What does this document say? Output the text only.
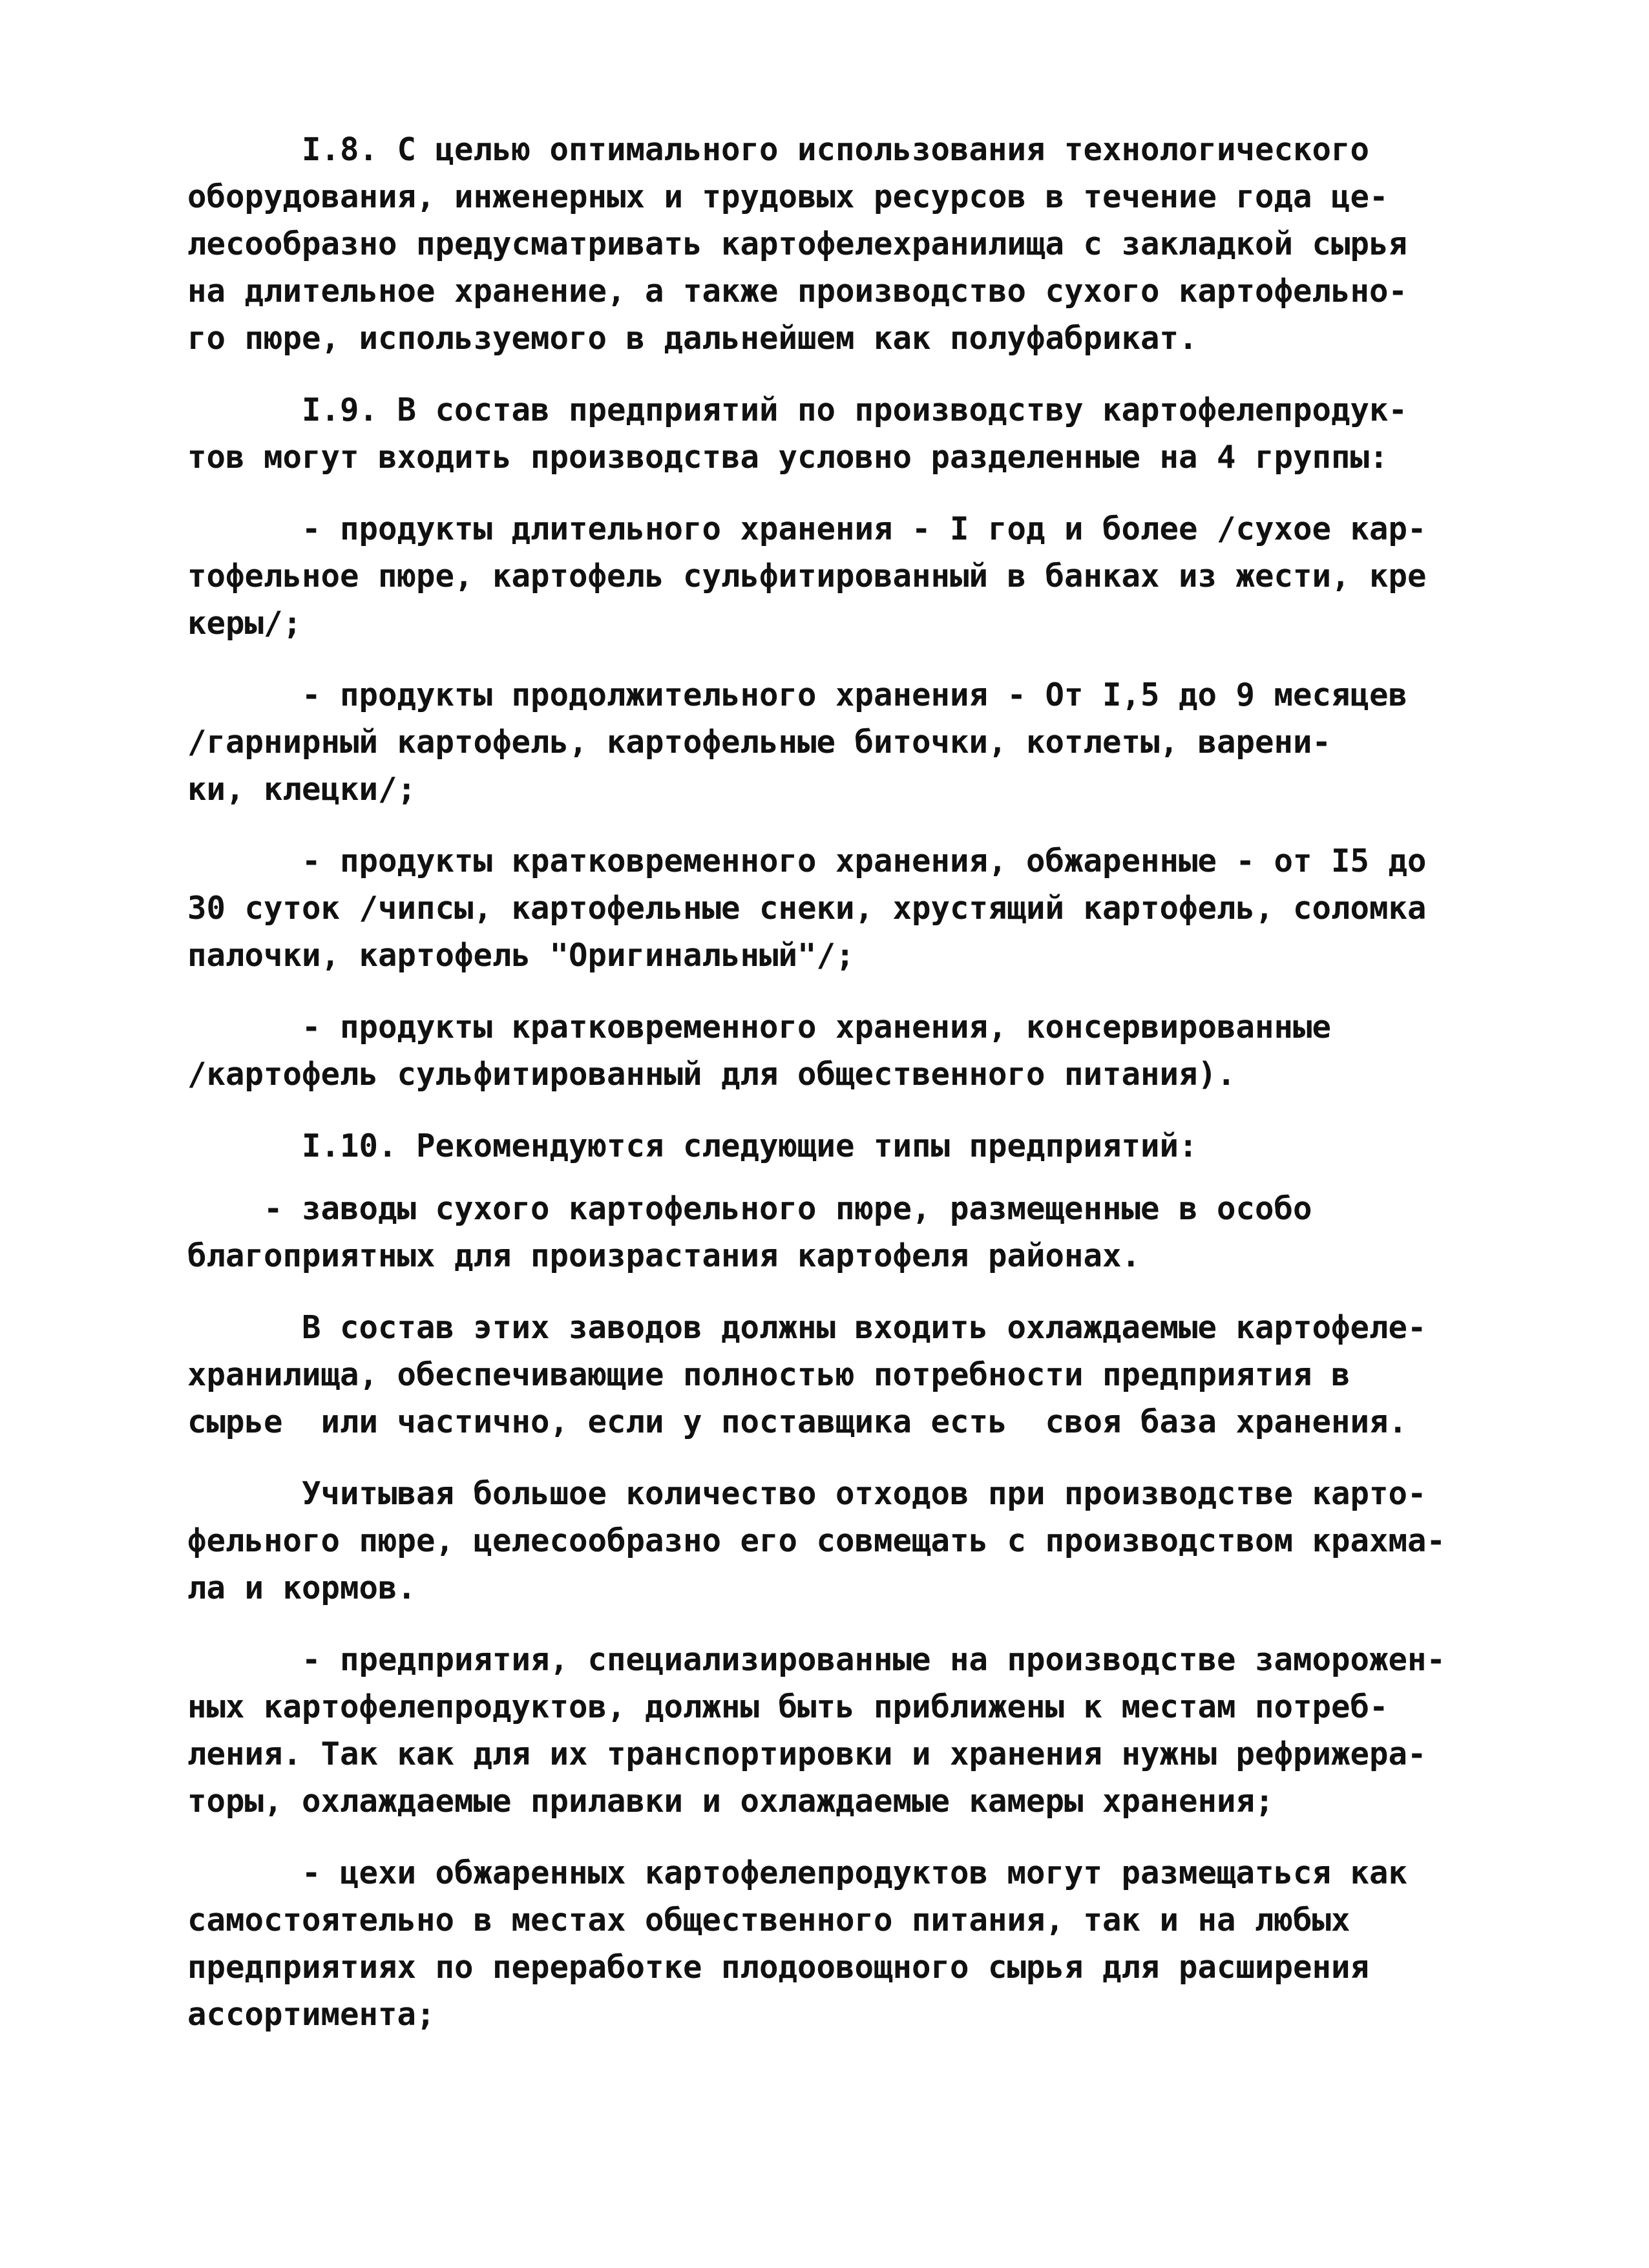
I.8. С целью оптимального использования технологического
оборудования, инженерных и трудовых ресурсов в течение года це-
лесообразно предусматривать картофелехранилища с закладкой сырья
на длительное хранение, а также производство сухого картофельно-
го пюре, используемого в дальнейшем как полуфабрикат.
I.9. В состав предприятий по производству картофелепродук-
тов могут входить производства условно разделенные на 4 группы:
- продукты длительного хранения - I год и более /сухое кар-
тофельное пюре, картофель сульфитированный в банках из жести, кре
керы/;
- продукты продолжительного хранения - От I,5 до 9 месяцев
/гарнирный картофель, картофельные биточки, котлеты, варени-
ки, клецки/;
- продукты кратковременного хранения, обжаренные - от I5 до
30 суток /чипсы, картофельные снеки, хрустящий картофель, соломка
палочки, картофель "Оригинальный"/;
- продукты кратковременного хранения, консервированные
/картофель сульфитированный для общественного питания).
I.10. Рекомендуются следующие типы предприятий:
- заводы сухого картофельного пюре, размещенные в особо
благоприятных для произрастания картофеля районах.
В состав этих заводов должны входить охлаждаемые картофеле-
хранилища, обеспечивающие полностью потребности предприятия в
сырье  или частично, если у поставщика есть  своя база хранения.
Учитывая большое количество отходов при производстве карто-
фельного пюре, целесообразно его совмещать с производством крахма-
ла и кормов.
- предприятия, специализированные на производстве заморожен-
ных картофелепродуктов, должны быть приближены к местам потреб-
ления. Так как для их транспортировки и хранения нужны рефрижера-
торы, охлаждаемые прилавки и охлаждаемые камеры хранения;
- цехи обжаренных картофелепродуктов могут размещаться как
самостоятельно в местах общественного питания, так и на любых
предприятиях по переработке плодоовощного сырья для расширения
ассортимента;
